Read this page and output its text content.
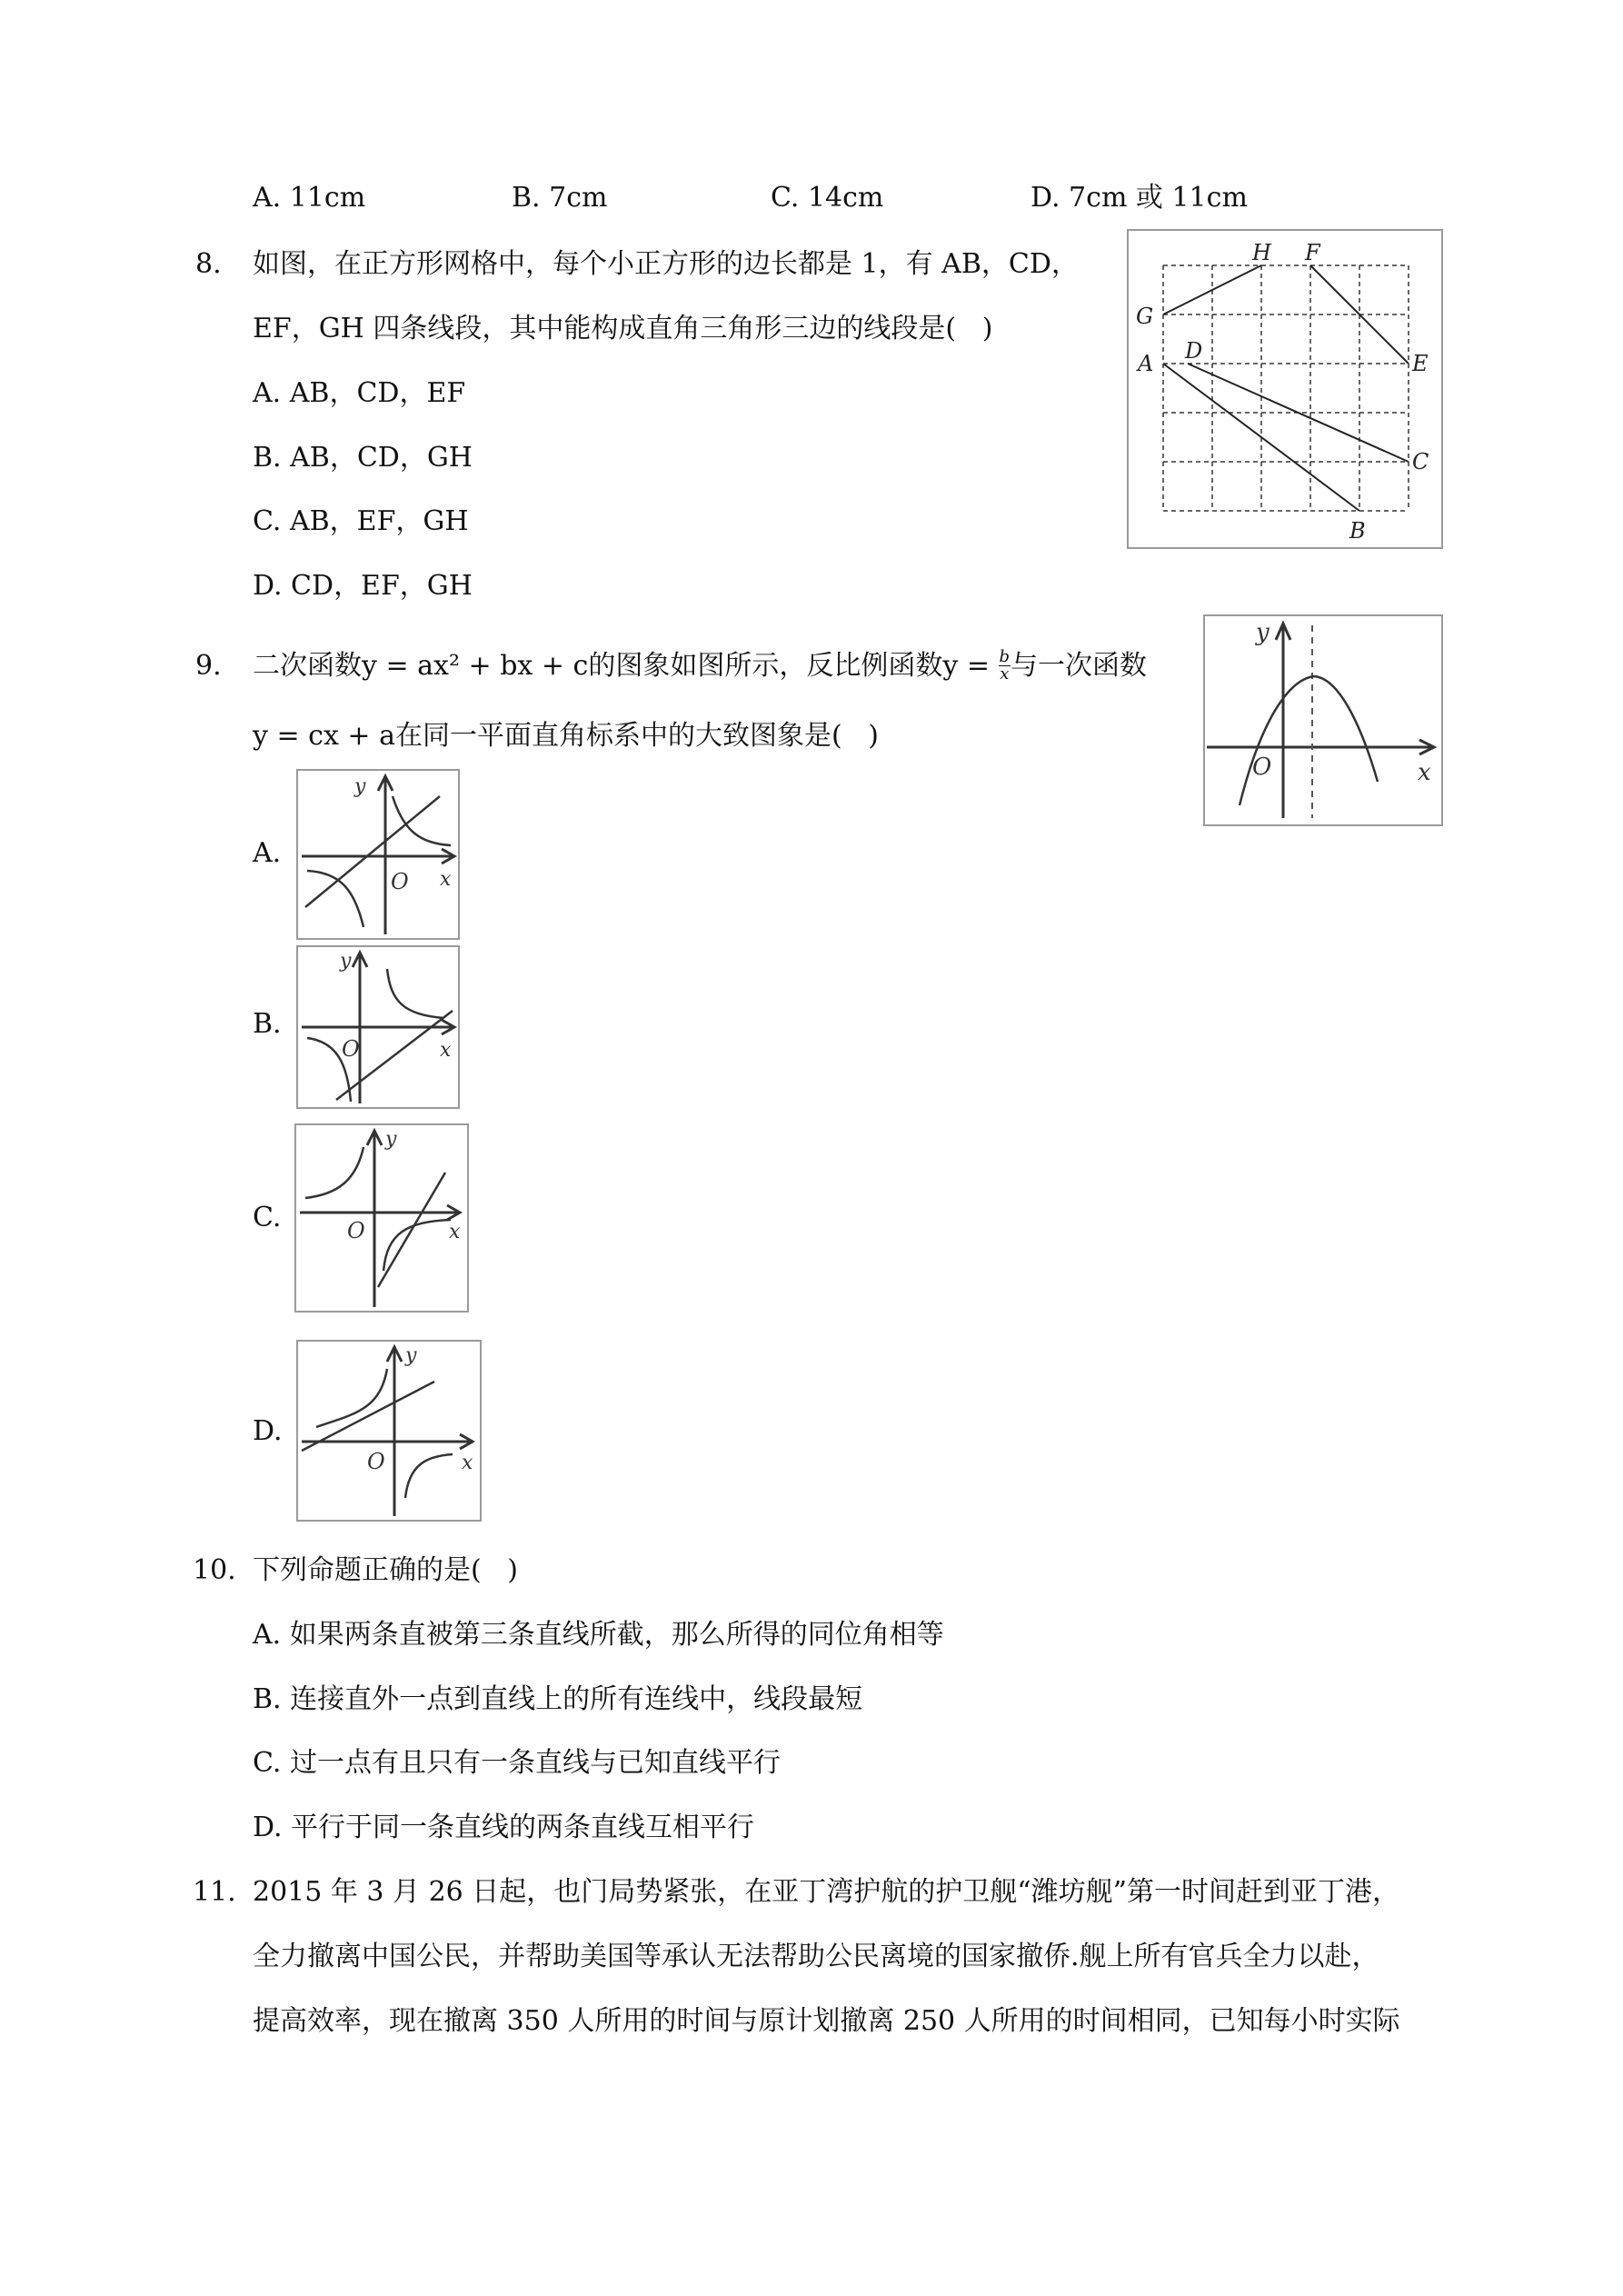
A. 11cm	B. 7cm	C. 14cm	D. 7cm 或 11cm
8. 如图，在正方形网格中，每个小正方形的边长都是 1，有 AB，CD，
EF，GH 四条线段，其中能构成直角三角形三边的线段是(   )
A. AB，CD，EF
B. AB，CD，GH
C. AB，EF，GH
D. CD，EF，GH
H F
G
D
A	E
C
B
9. 二次函数y = ax² + bx + c的图象如图所示，反比例函数$y = \frac{b}{x}$ 与一次函数
y = cx + a在同一平面直角标系中的大致图象是(   )
y
x
O
A.
y
x
O
B.
y
x
O
C.
y
x
O
D.
y
x
O
10. 下列命题正确的是(   )
A. 如果两条直被第三条直线所截，那么所得的同位角相等
B. 连接直外一点到直线上的所有连线中，线段最短
C. 过一点有且只有一条直线与已知直线平行
D. 平行于同一条直线的两条直线互相平行
11. 2015 年 3 月 26 日起，也门局势紧张，在亚丁湾护航的护卫舰“潍坊舰”第一时间赶到亚丁港，
全力撤离中国公民，并帮助美国等承认无法帮助公民离境的国家撤侨.舰上所有官兵全力以赴，
提高效率，现在撤离 350 人所用的时间与原计划撤离 250 人所用的时间相同，已知每小时实际
